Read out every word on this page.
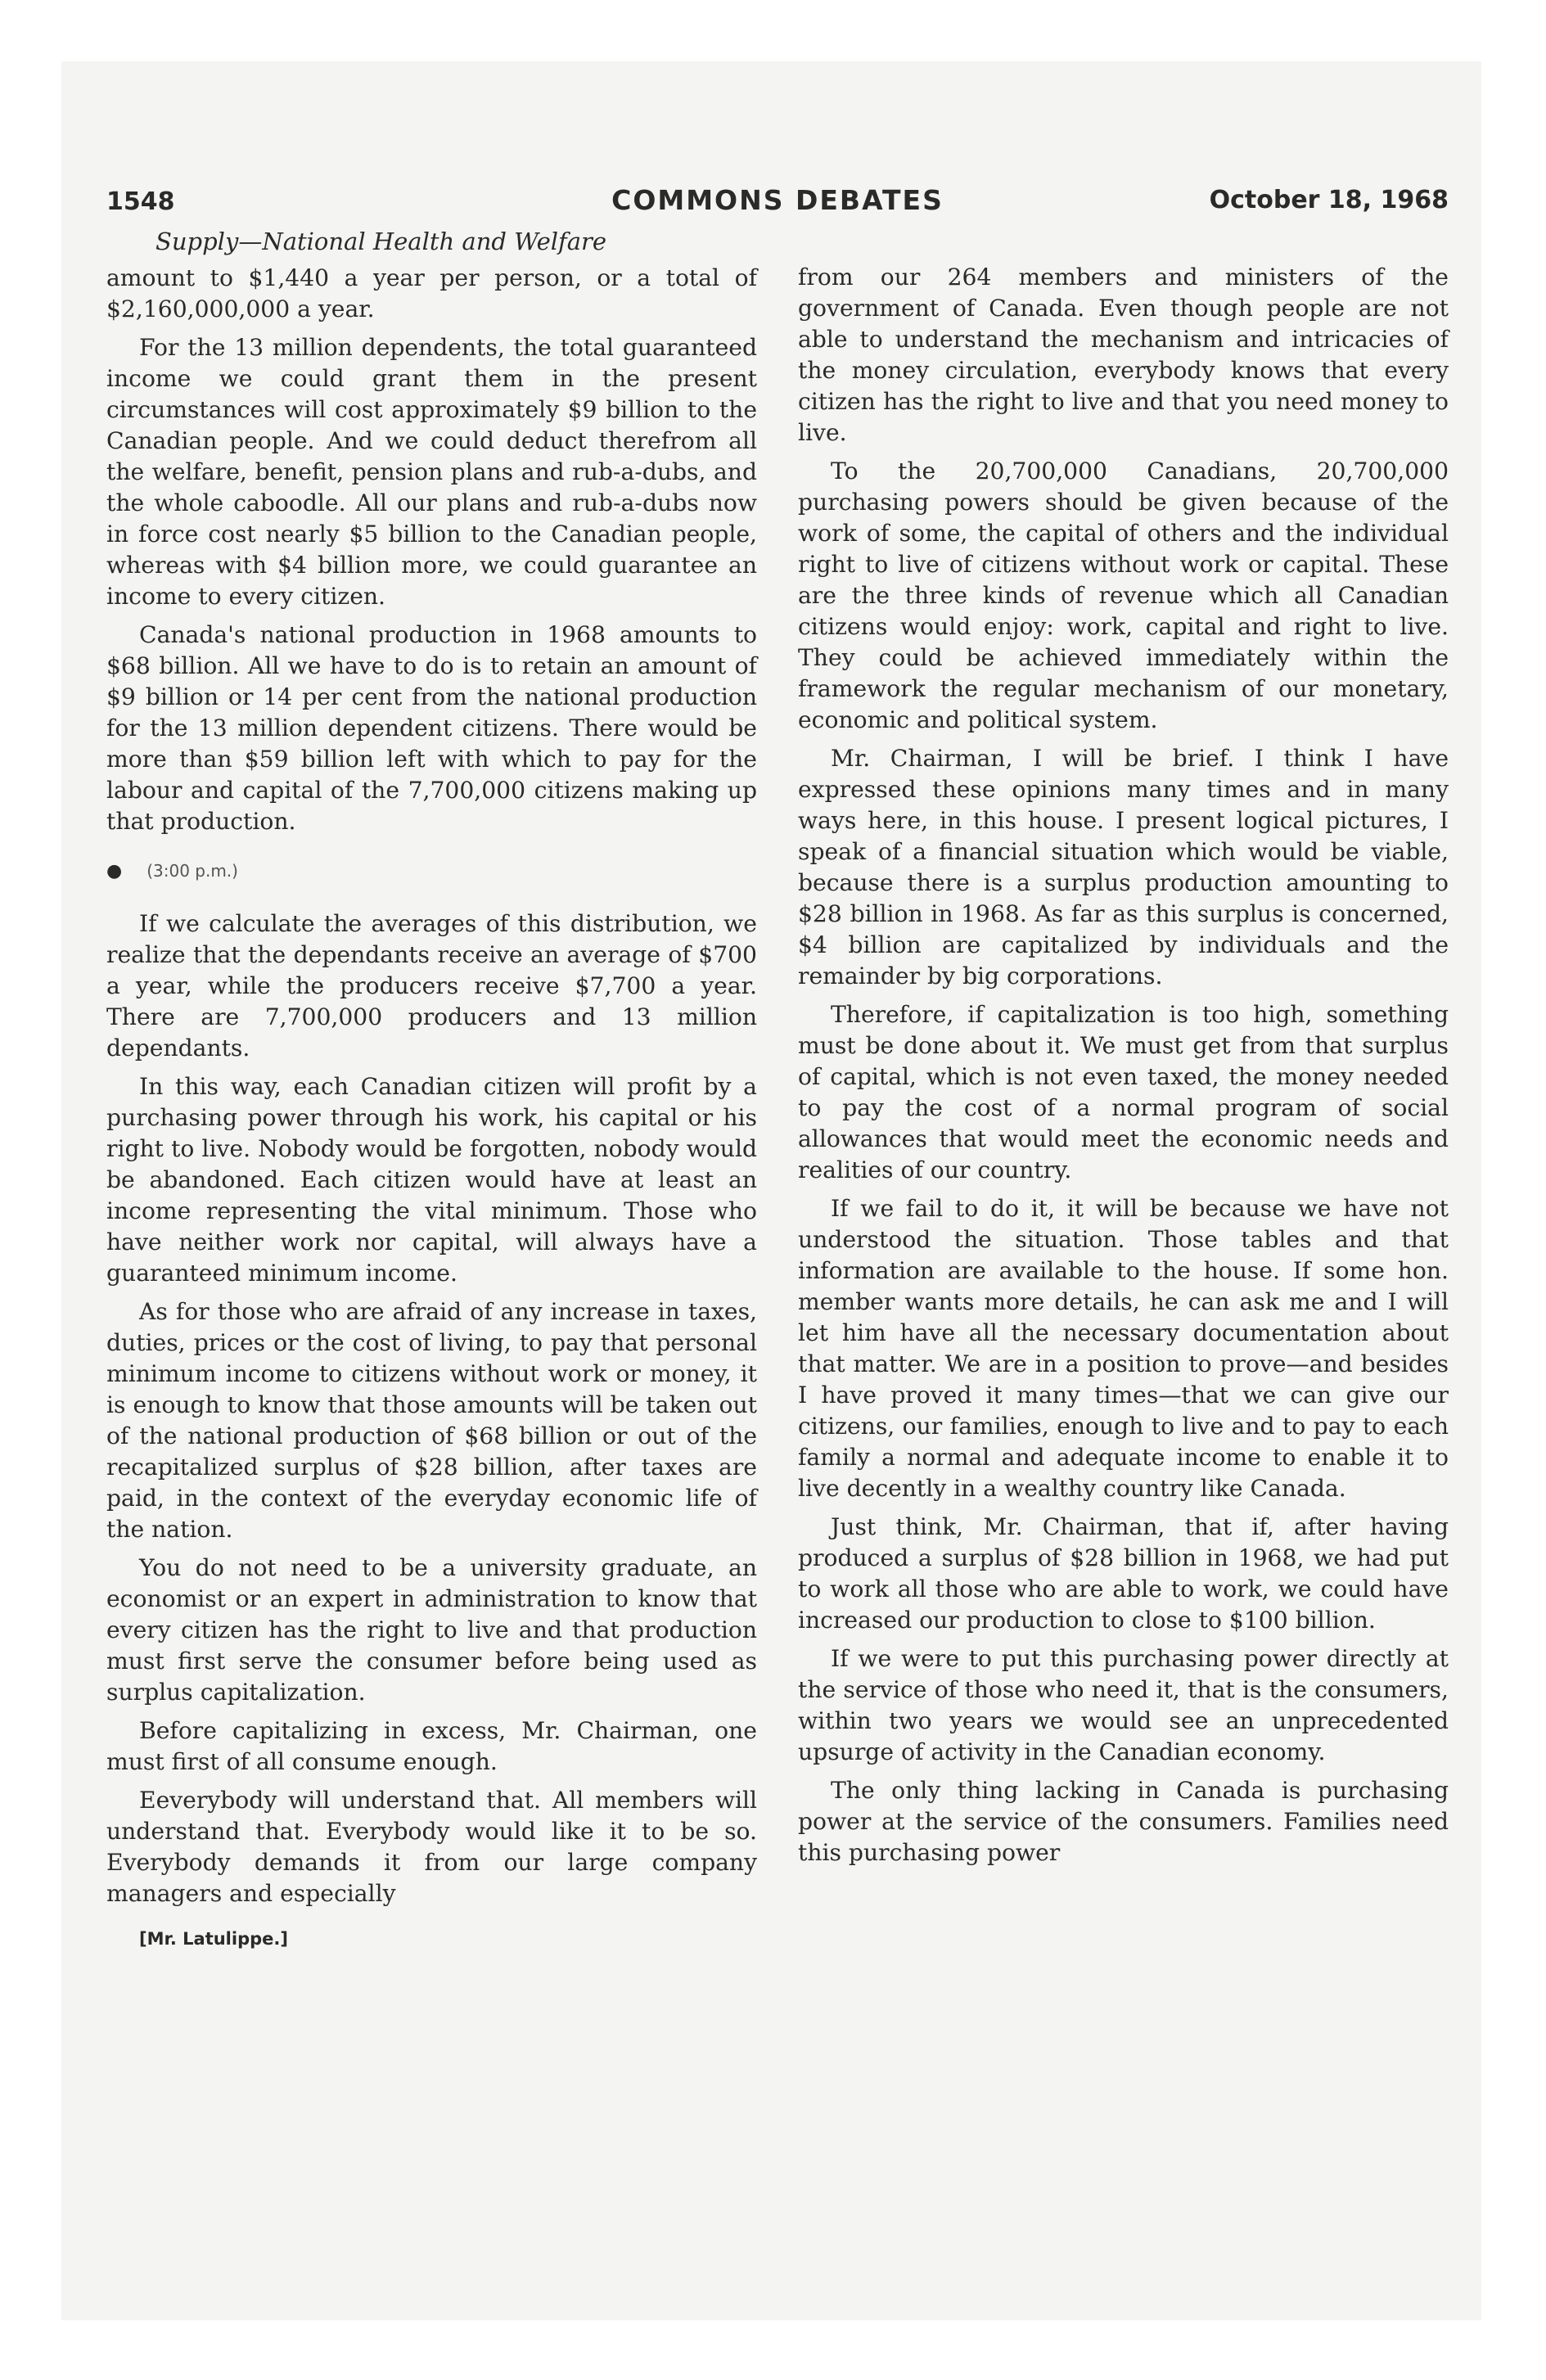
1548	COMMONS DEBATES	October 18, 1968
Supply—National Health and Welfare

amount to $1,440 a year per person, or a total of $2,160,000,000 a year.

For the 13 million dependents, the total guaranteed income we could grant them in the present circumstances will cost approximately $9 billion to the Canadian people. And we could deduct therefrom all the welfare, benefit, pension plans and rub-a-dubs, and the whole caboodle. All our plans and rub-a-dubs now in force cost nearly $5 billion to the Canadian people, whereas with $4 billion more, we could guarantee an income to every citizen.

Canada's national production in 1968 amounts to $68 billion. All we have to do is to retain an amount of $9 billion or 14 per cent from the national production for the 13 million dependent citizens. There would be more than $59 billion left with which to pay for the labour and capital of the 7,700,000 citizens making up that production.

● (3:00 p.m.)

If we calculate the averages of this distribution, we realize that the dependants receive an average of $700 a year, while the producers receive $7,700 a year. There are 7,700,000 producers and 13 million dependants.

In this way, each Canadian citizen will profit by a purchasing power through his work, his capital or his right to live. Nobody would be forgotten, nobody would be abandoned. Each citizen would have at least an income representing the vital minimum. Those who have neither work nor capital, will always have a guaranteed minimum income.

As for those who are afraid of any increase in taxes, duties, prices or the cost of living, to pay that personal minimum income to citizens without work or money, it is enough to know that those amounts will be taken out of the national production of $68 billion or out of the recapitalized surplus of $28 billion, after taxes are paid, in the context of the everyday economic life of the nation.

You do not need to be a university graduate, an economist or an expert in administration to know that every citizen has the right to live and that production must first serve the consumer before being used as surplus capitalization.

Before capitalizing in excess, Mr. Chairman, one must first of all consume enough.

Eeverybody will understand that. All members will understand that. Everybody would like it to be so. Everybody demands it from our large company managers and especially

[Mr. Latulippe.]

from our 264 members and ministers of the government of Canada. Even though people are not able to understand the mechanism and intricacies of the money circulation, everybody knows that every citizen has the right to live and that you need money to live.

To the 20,700,000 Canadians, 20,700,000 purchasing powers should be given because of the work of some, the capital of others and the individual right to live of citizens without work or capital. These are the three kinds of revenue which all Canadian citizens would enjoy: work, capital and right to live. They could be achieved immediately within the framework the regular mechanism of our monetary, economic and political system.

Mr. Chairman, I will be brief. I think I have expressed these opinions many times and in many ways here, in this house. I present logical pictures, I speak of a financial situation which would be viable, because there is a surplus production amounting to $28 billion in 1968. As far as this surplus is concerned, $4 billion are capitalized by individuals and the remainder by big corporations.

Therefore, if capitalization is too high, something must be done about it. We must get from that surplus of capital, which is not even taxed, the money needed to pay the cost of a normal program of social allowances that would meet the economic needs and realities of our country.

If we fail to do it, it will be because we have not understood the situation. Those tables and that information are available to the house. If some hon. member wants more details, he can ask me and I will let him have all the necessary documentation about that matter. We are in a position to prove—and besides I have proved it many times—that we can give our citizens, our families, enough to live and to pay to each family a normal and adequate income to enable it to live decently in a wealthy country like Canada.

Just think, Mr. Chairman, that if, after having produced a surplus of $28 billion in 1968, we had put to work all those who are able to work, we could have increased our production to close to $100 billion.

If we were to put this purchasing power directly at the service of those who need it, that is the consumers, within two years we would see an unprecedented upsurge of activity in the Canadian economy.

The only thing lacking in Canada is purchasing power at the service of the consumers. Families need this purchasing power
